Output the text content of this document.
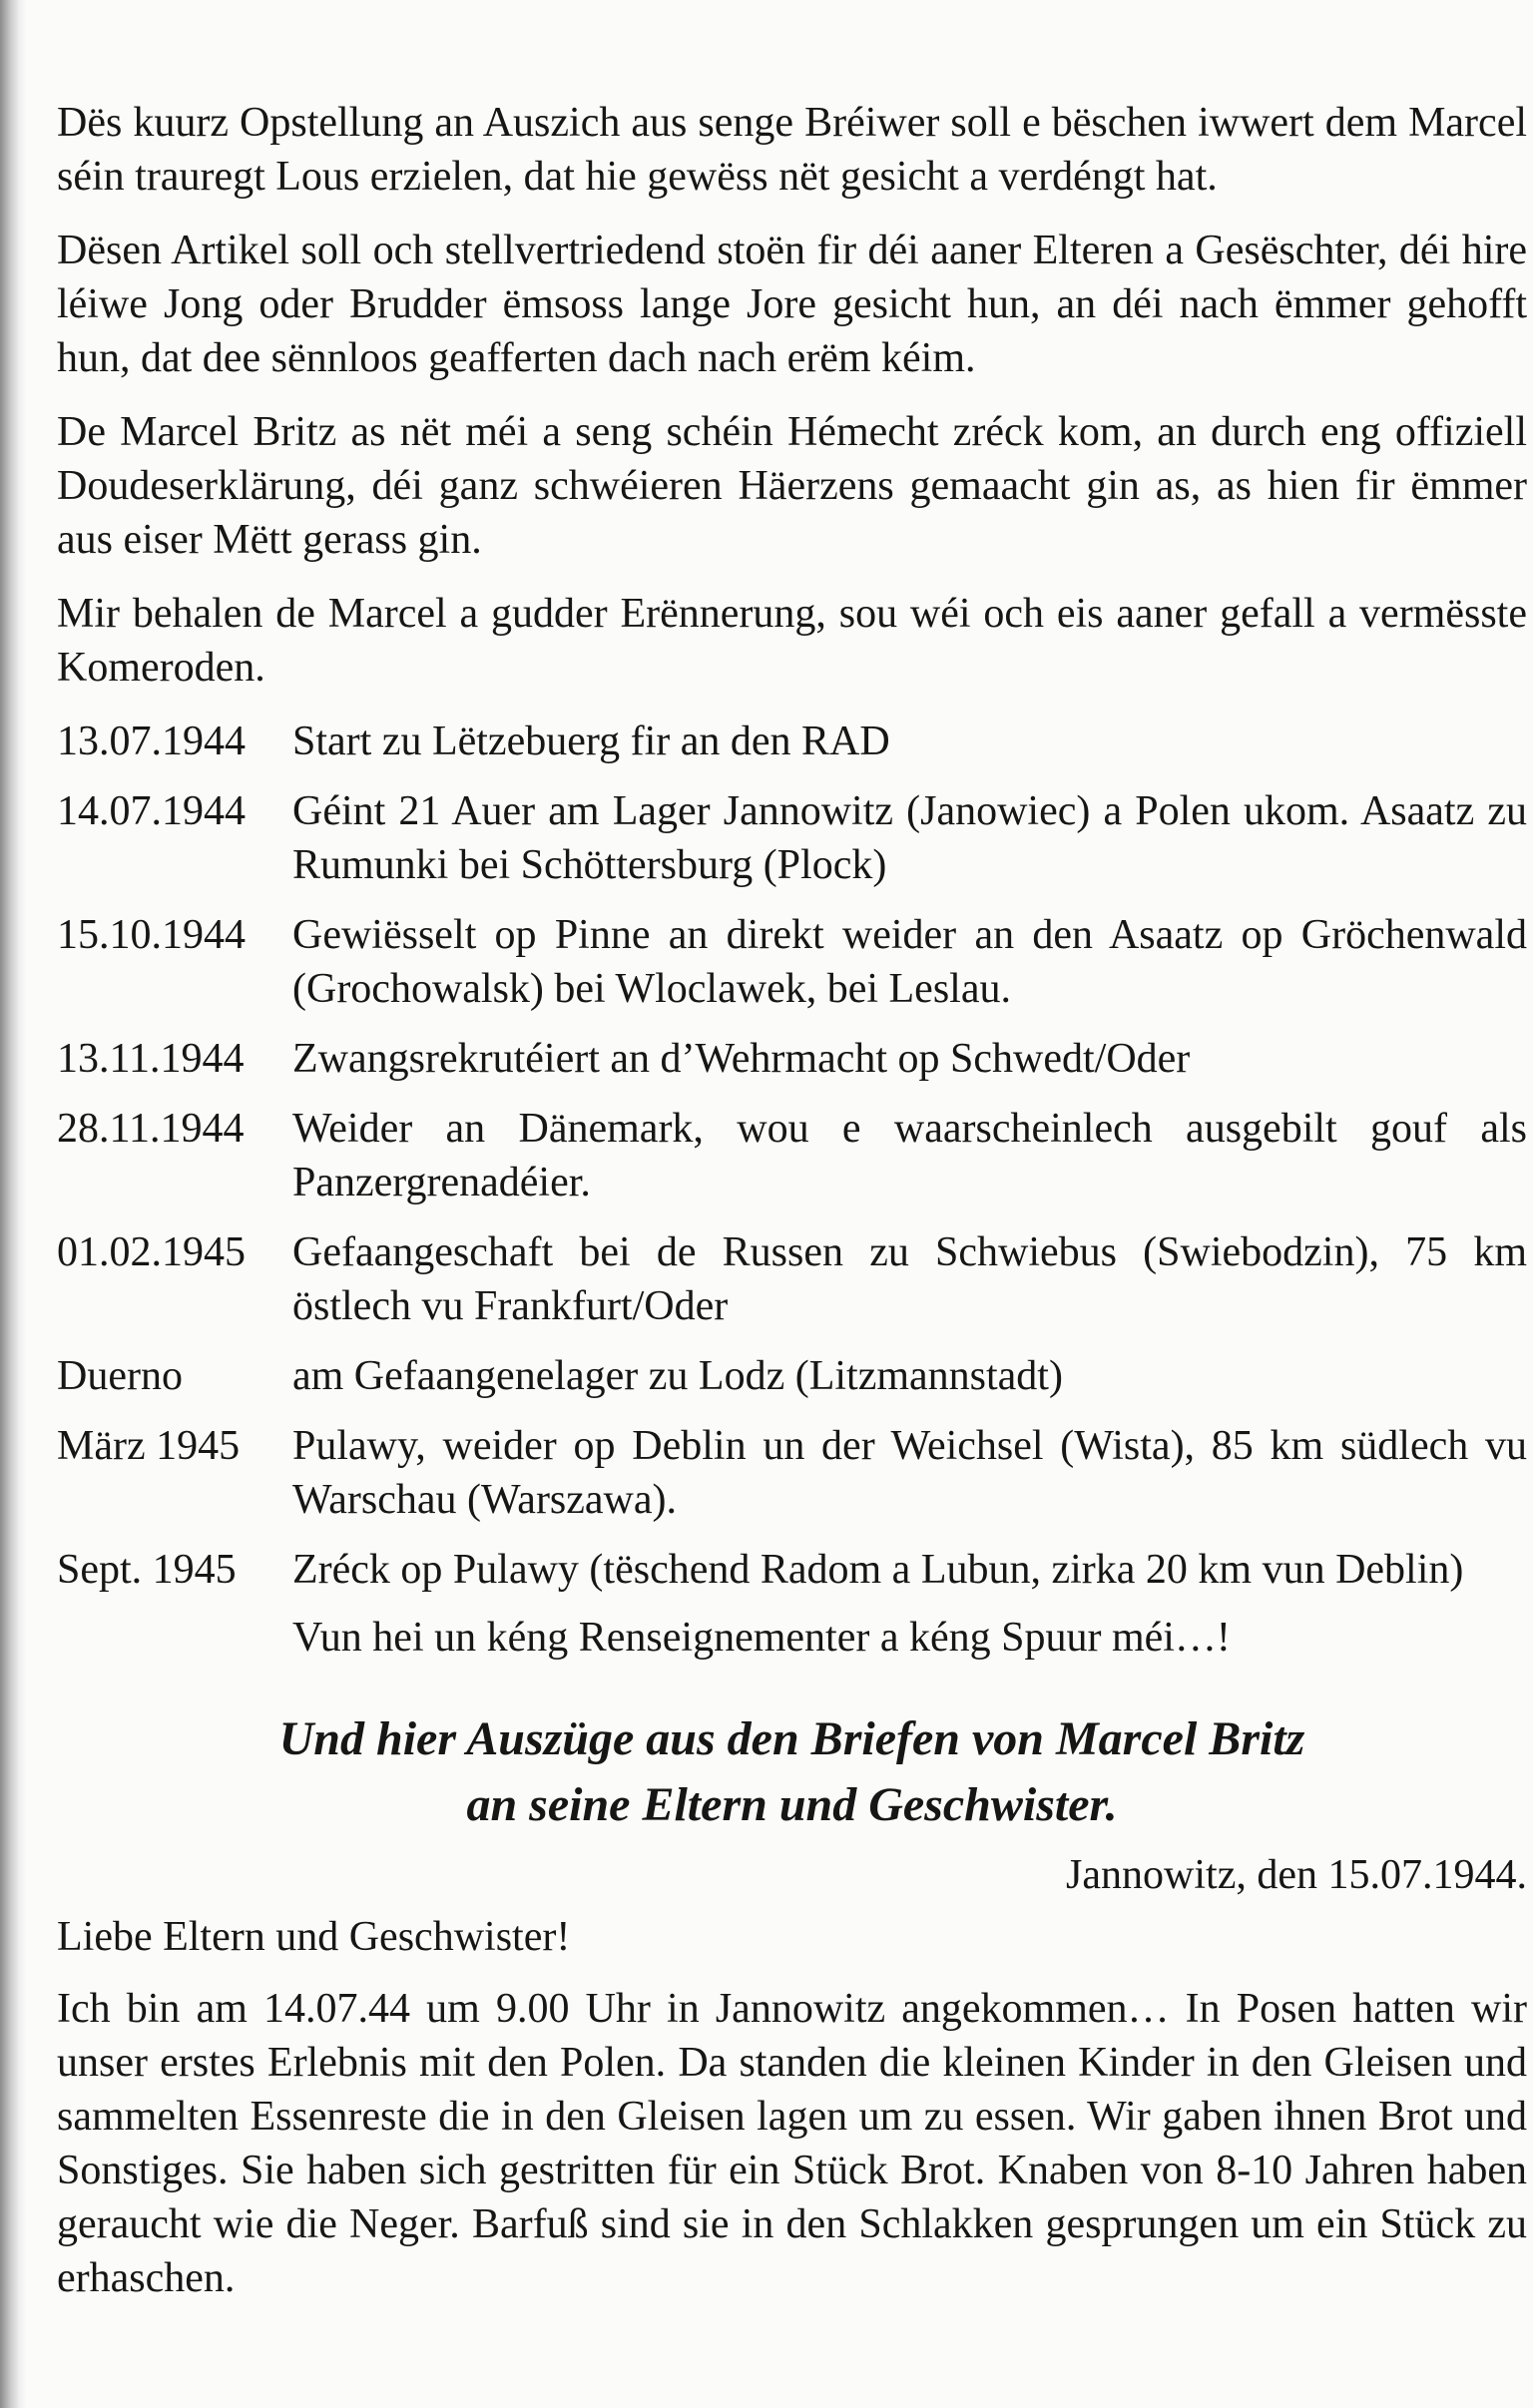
Dës kuurz Opstellung an Auszich aus senge Bréiwer soll e bëschen iwwert dem Marcel séin trauregt Lous erzielen, dat hie gewëss nët gesicht a verdéngt hat.

Dësen Artikel soll och stellvertriedend stoën fir déi aaner Elteren a Gesëschter, déi hire léiwe Jong oder Brudder ëmsoss lange Jore gesicht hun, an déi nach ëmmer gehofft hun, dat dee sënnloos geafferten dach nach erëm kéim.

De Marcel Britz as nët méi a seng schéin Hémecht zréck kom, an durch eng offiziell Doudeserklärung, déi ganz schwéieren Häerzens gemaacht gin as, as hien fir ëmmer aus eiser Mëtt gerass gin.

Mir behalen de Marcel a gudder Erënnerung, sou wéi och eis aaner gefall a vermësste Komeroden.

13.07.1944	Start zu Lëtzebuerg fir an den RAD
14.07.1944	Géint 21 Auer am Lager Jannowitz (Janowiec) a Polen ukom. Asaatz zu Rumunki bei Schöttersburg (Plock)
15.10.1944	Gewiësselt op Pinne an direkt weider an den Asaatz op Gröchenwald (Grochowalsk) bei Wloclawek, bei Leslau.
13.11.1944	Zwangsrekrutéiert an d’Wehrmacht op Schwedt/Oder
28.11.1944	Weider an Dänemark, wou e waarscheinlech ausgebilt gouf als Panzergrenadéier.
01.02.1945	Gefaangeschaft bei de Russen zu Schwiebus (Swiebodzin), 75 km östlech vu Frankfurt/Oder
Duerno	am Gefaangenelager zu Lodz (Litzmannstadt)
März 1945	Pulawy, weider op Deblin un der Weichsel (Wista), 85 km südlech vu Warschau (Warszawa).
Sept. 1945	Zréck op Pulawy (tëschend Radom a Lubun, zirka 20 km vun Deblin)
Vun hei un kéng Renseignementer a kéng Spuur méi…!
Und hier Auszüge aus den Briefen von Marcel Britz
an seine Eltern und Geschwister.

Jannowitz, den 15.07.1944.

Liebe Eltern und Geschwister!

Ich bin am 14.07.44 um 9.00 Uhr in Jannowitz angekommen… In Posen hatten wir unser erstes Erlebnis mit den Polen. Da standen die kleinen Kinder in den Gleisen und sammelten Essenreste die in den Gleisen lagen um zu essen. Wir gaben ihnen Brot und Sonstiges. Sie haben sich gestritten für ein Stück Brot. Knaben von 8-10 Jahren haben geraucht wie die Neger. Barfuß sind sie in den Schlakken gesprungen um ein Stück zu erhaschen.
